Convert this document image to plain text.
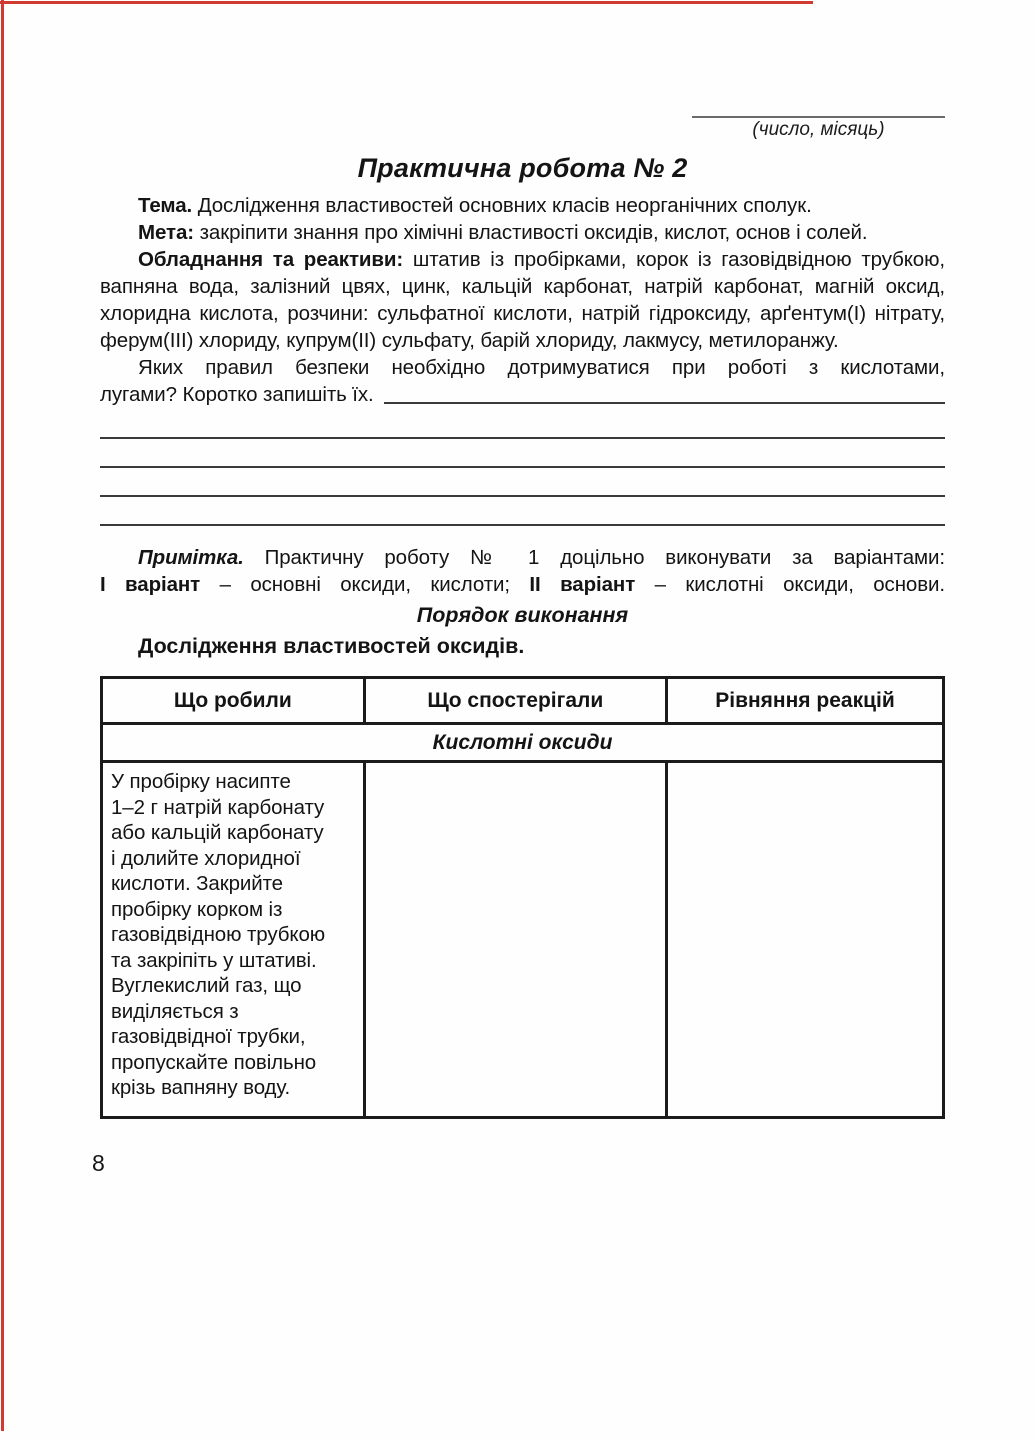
(число, місяць)
Практична робота № 2

Тема. Дослідження властивостей основних класів неорганічних сполук.

Мета: закріпити знання про хімічні властивості оксидів, кислот, основ і солей.

Обладнання та реактиви: штатив із пробірками, корок із газовідвідною трубкою, вапняна вода, залізний цвях, цинк, кальцій карбонат, натрій карбонат, магній оксид, хлоридна кислота, розчини: сульфатної кислоти, натрій гідроксиду, арґентум(І) нітрату, ферум(ІІІ) хлориду, купрум(ІІ) сульфату, барій хлориду, лакмусу, метилоранжу.

Яких правил безпеки необхідно дотримуватися при роботі з кислотами,
лугами? Коротко запишіть їх.
Примітка. Практичну роботу № 1 доцільно виконувати за варіантами:
І варіант – основні оксиди, кислоти; ІІ варіант – кислотні оксиди, основи.
Порядок виконання
Дослідження властивостей оксидів.
Що робили	Що спостерігали	Рівняння реакцій
Кислотні оксиди		
У пробірку насипте
1–2 г натрій карбонату
або кальцій карбонату
і долийте хлоридної
кислоти. Закрийте
пробірку корком із
газовідвідною трубкою
та закріпіть у штативі.
Вуглекислий газ, що
виділяється з
газовідвідної трубки,
пропускайте повільно
крізь вапняну воду.		
8
